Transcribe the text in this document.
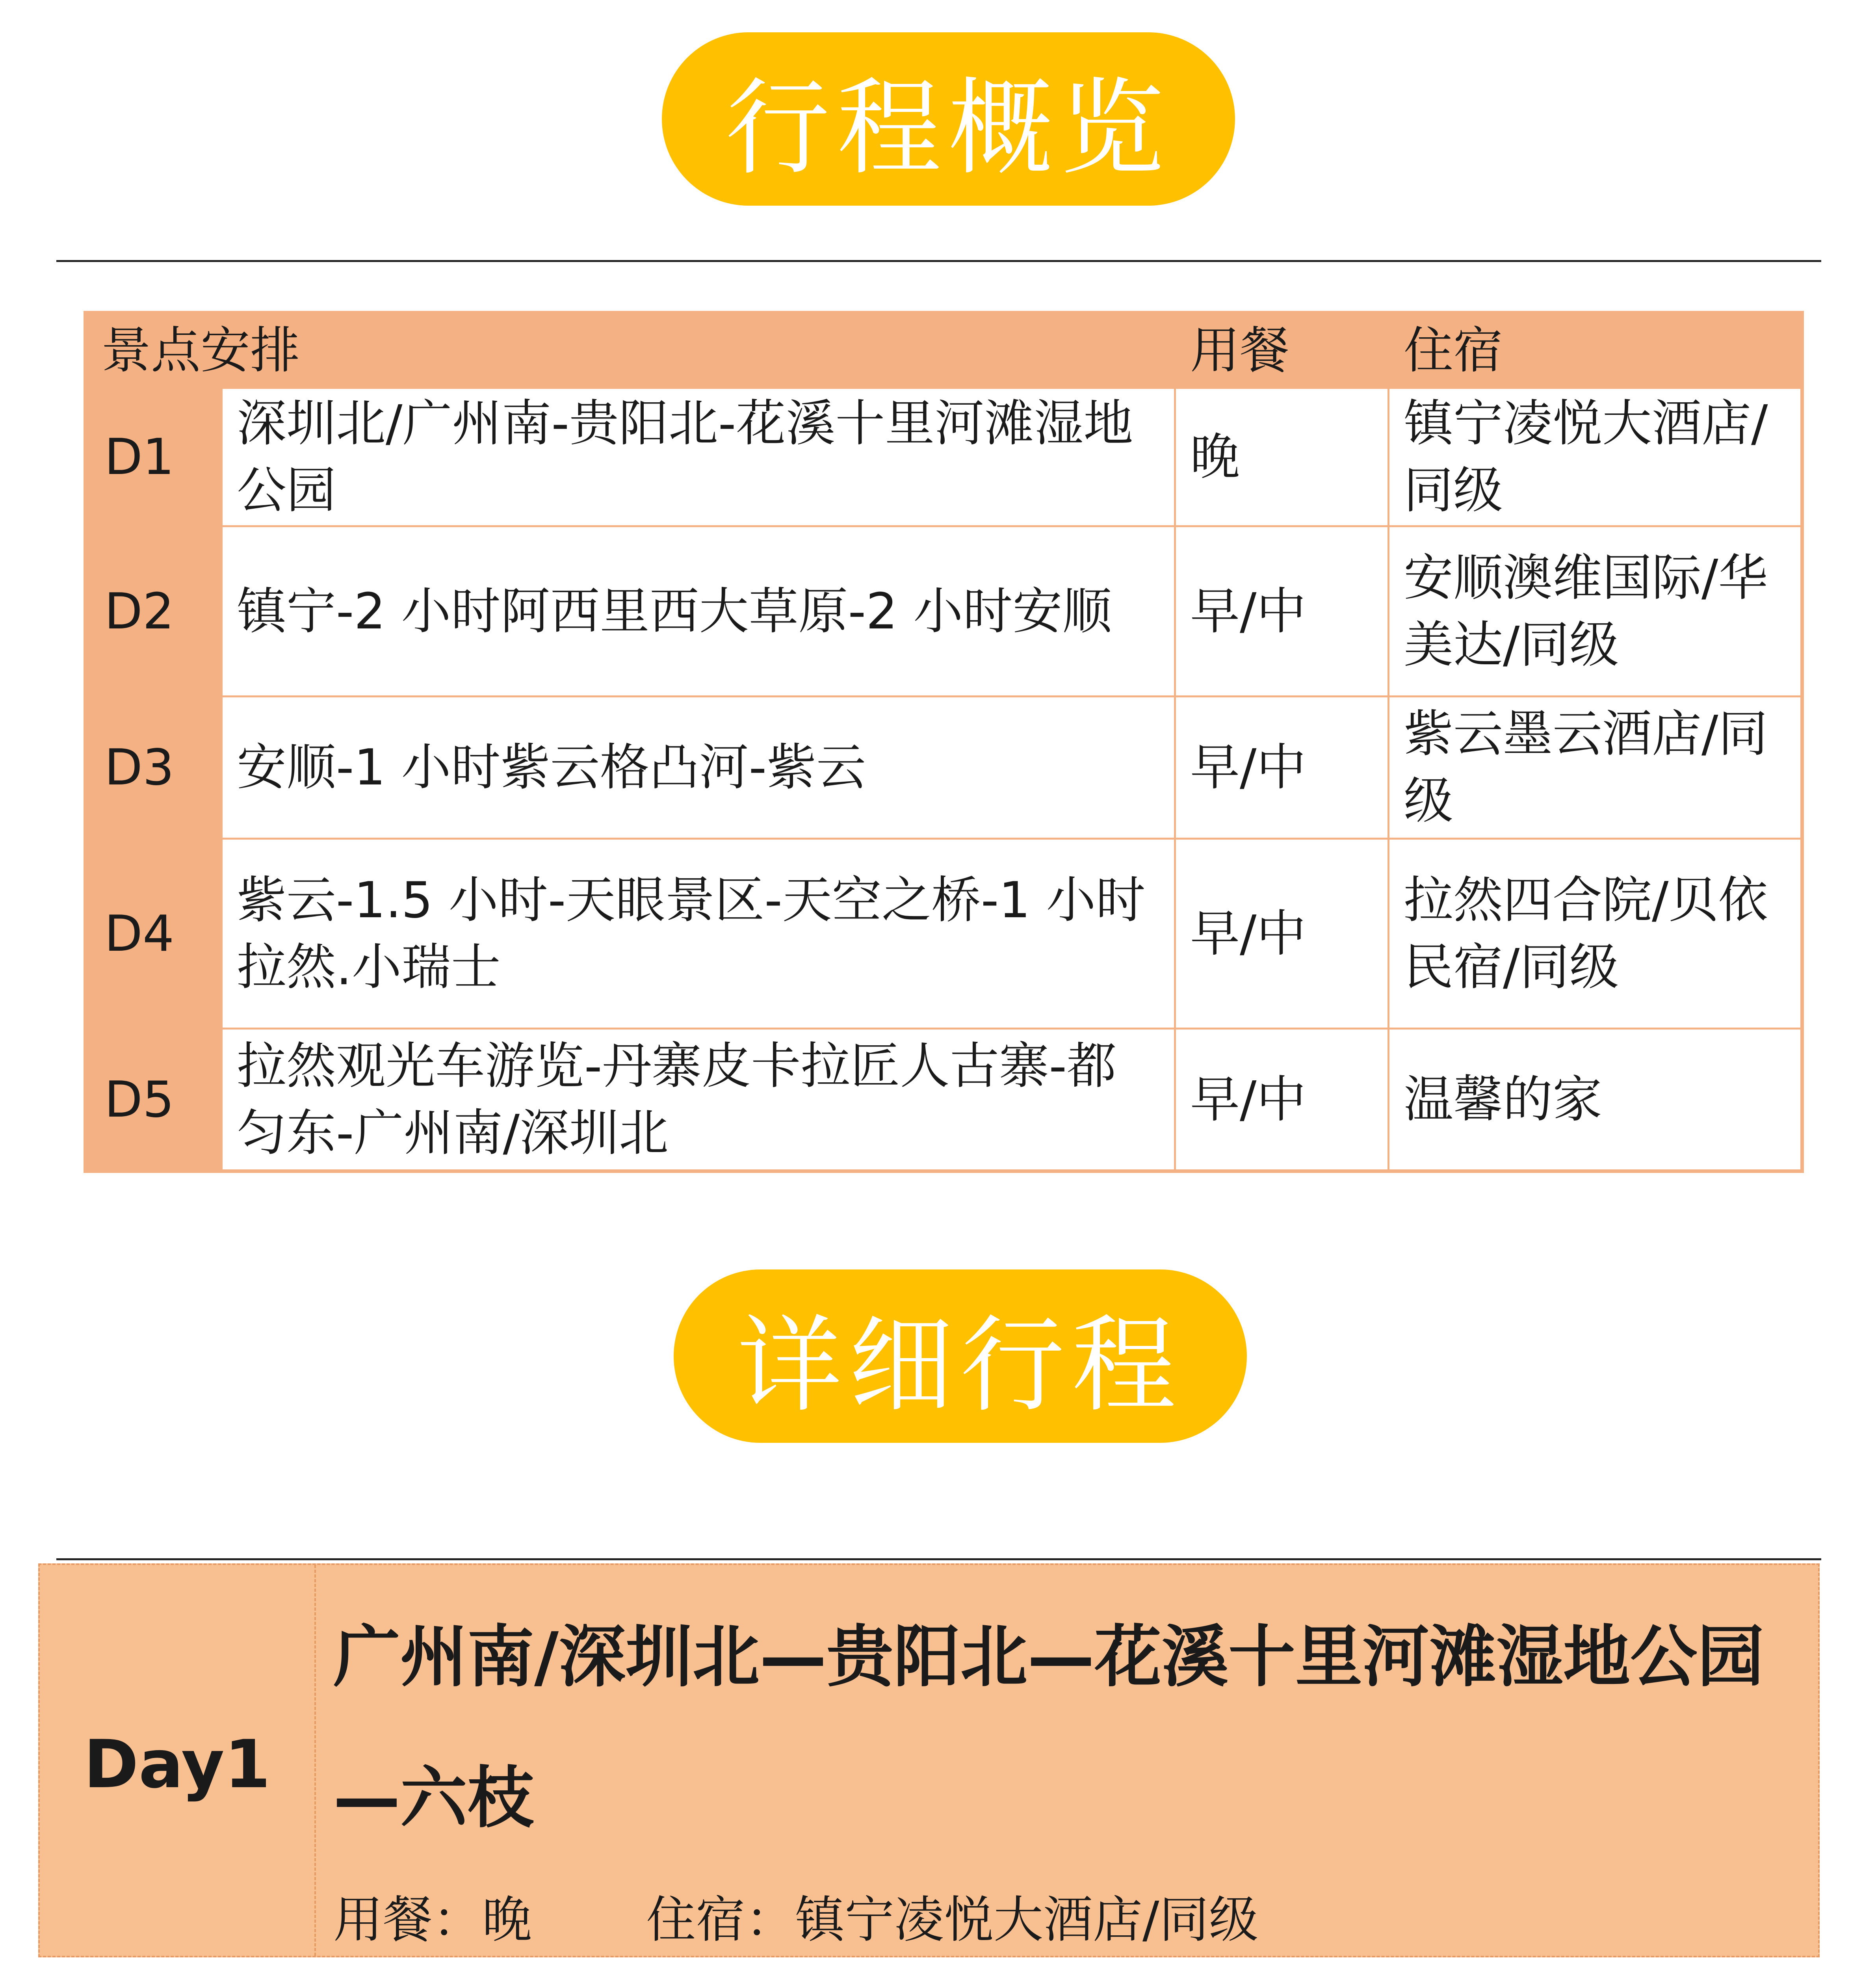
行程概览
景点安排		用餐	住宿
D1	深圳北/广州南-贵阳北-花溪十里河滩湿地公园	晚	镇宁凌悦大酒店/同级
D2	镇宁-2 小时阿西里西大草原-2 小时安顺	早/中	安顺澳维国际/华美达/同级
D3	安顺-1 小时紫云格凸河-紫云	早/中	紫云墨云酒店/同级
D4	紫云-1.5 小时-天眼景区-天空之桥-1 小时拉然.小瑞士	早/中	拉然四合院/贝依民宿/同级
D5	拉然观光车游览-丹寨皮卡拉匠人古寨-都匀东-广州南/深圳北	早/中	温馨的家
详细行程
Day1
广州南/深圳北—贵阳北—花溪十里河滩湿地公园—六枝
用餐：晚 住宿：镇宁凌悦大酒店/同级
